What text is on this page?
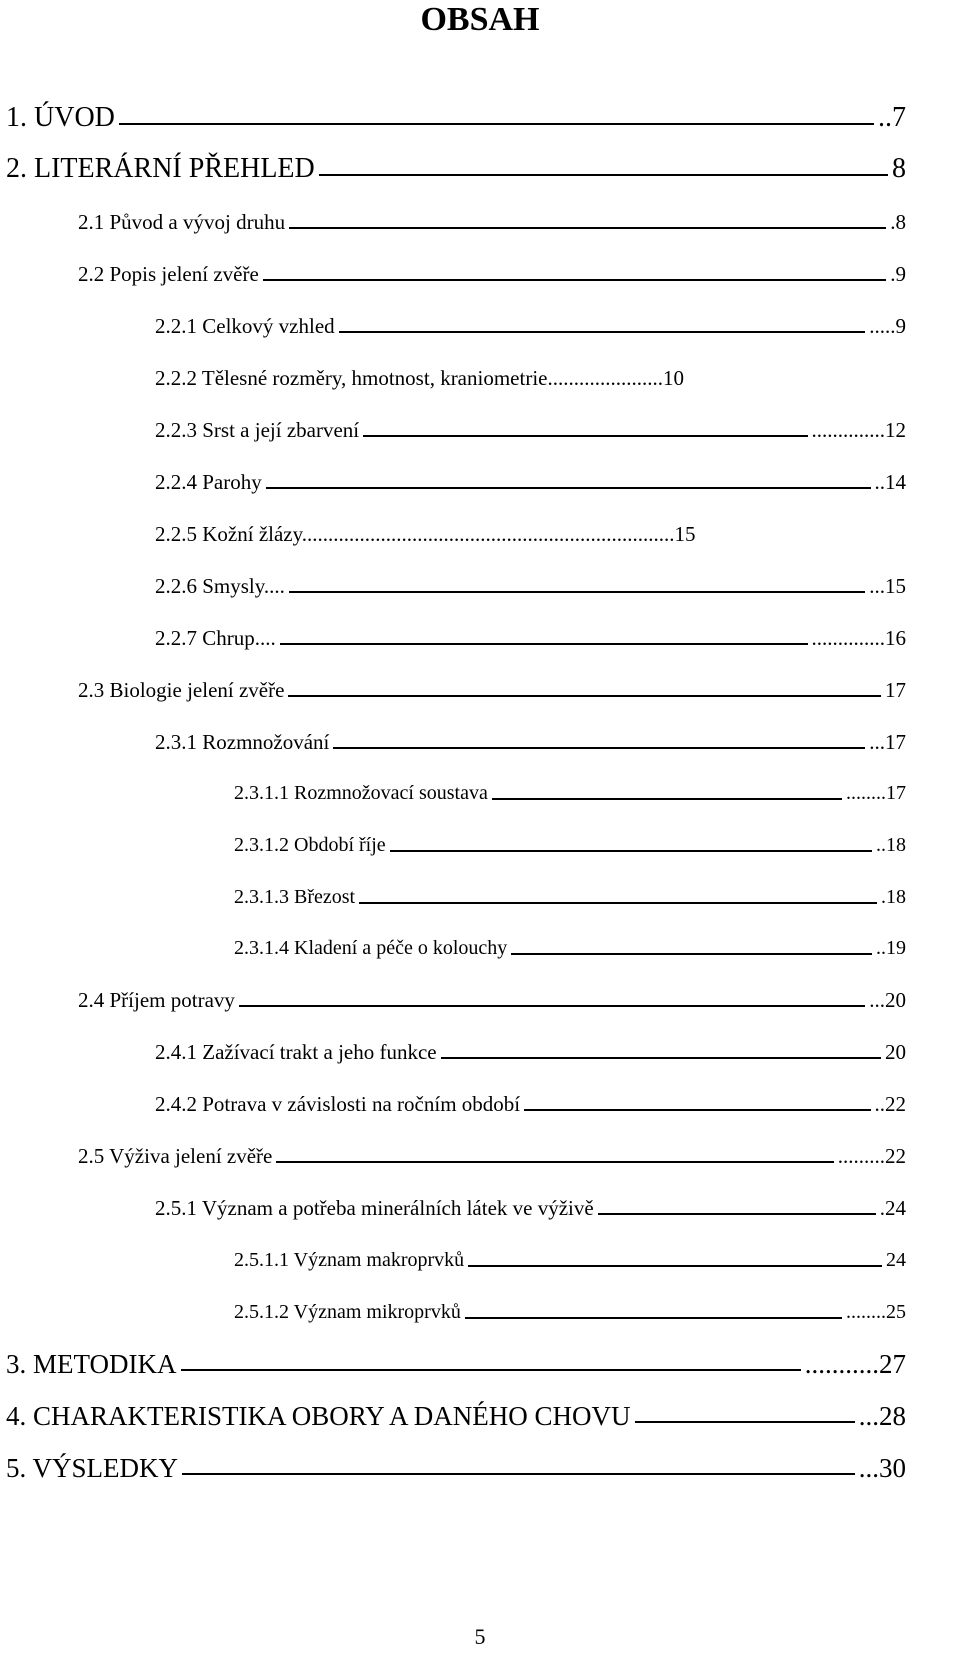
OBSAH
1. ÚVOD	..7
2. LITERÁRNÍ PŘEHLED	8
2.1 Původ a vývoj druhu	.8
2.2 Popis jelení zvěře	.9
2.2.1 Celkový vzhled	.....9
2.2.2 Tělesné rozměry, hmotnost, kraniometrie......................10
2.2.3 Srst a její zbarvení	..............12
2.2.4 Parohy	..14
2.2.5 Kožní žlázy.......................................................................15
2.2.6 Smysly....	...15
2.2.7 Chrup....	..............16
2.3 Biologie jelení zvěře	17
2.3.1 Rozmnožování	...17
2.3.1.1 Rozmnožovací soustava	........17
2.3.1.2 Období říje	..18
2.3.1.3 Březost	.18
2.3.1.4 Kladení a péče o kolouchy	..19
2.4 Příjem potravy	...20
2.4.1 Zažívací trakt a jeho funkce	20
2.4.2 Potrava v závislosti na ročním období	..22
2.5 Výživa jelení zvěře	.........22
2.5.1 Význam a potřeba minerálních látek ve výživě	.24
2.5.1.1 Význam makroprvků	24
2.5.1.2 Význam mikroprvků	........25
3. METODIKA	...........27
4. CHARAKTERISTIKA OBORY A DANÉHO CHOVU	...28
5. VÝSLEDKY	...30
5
